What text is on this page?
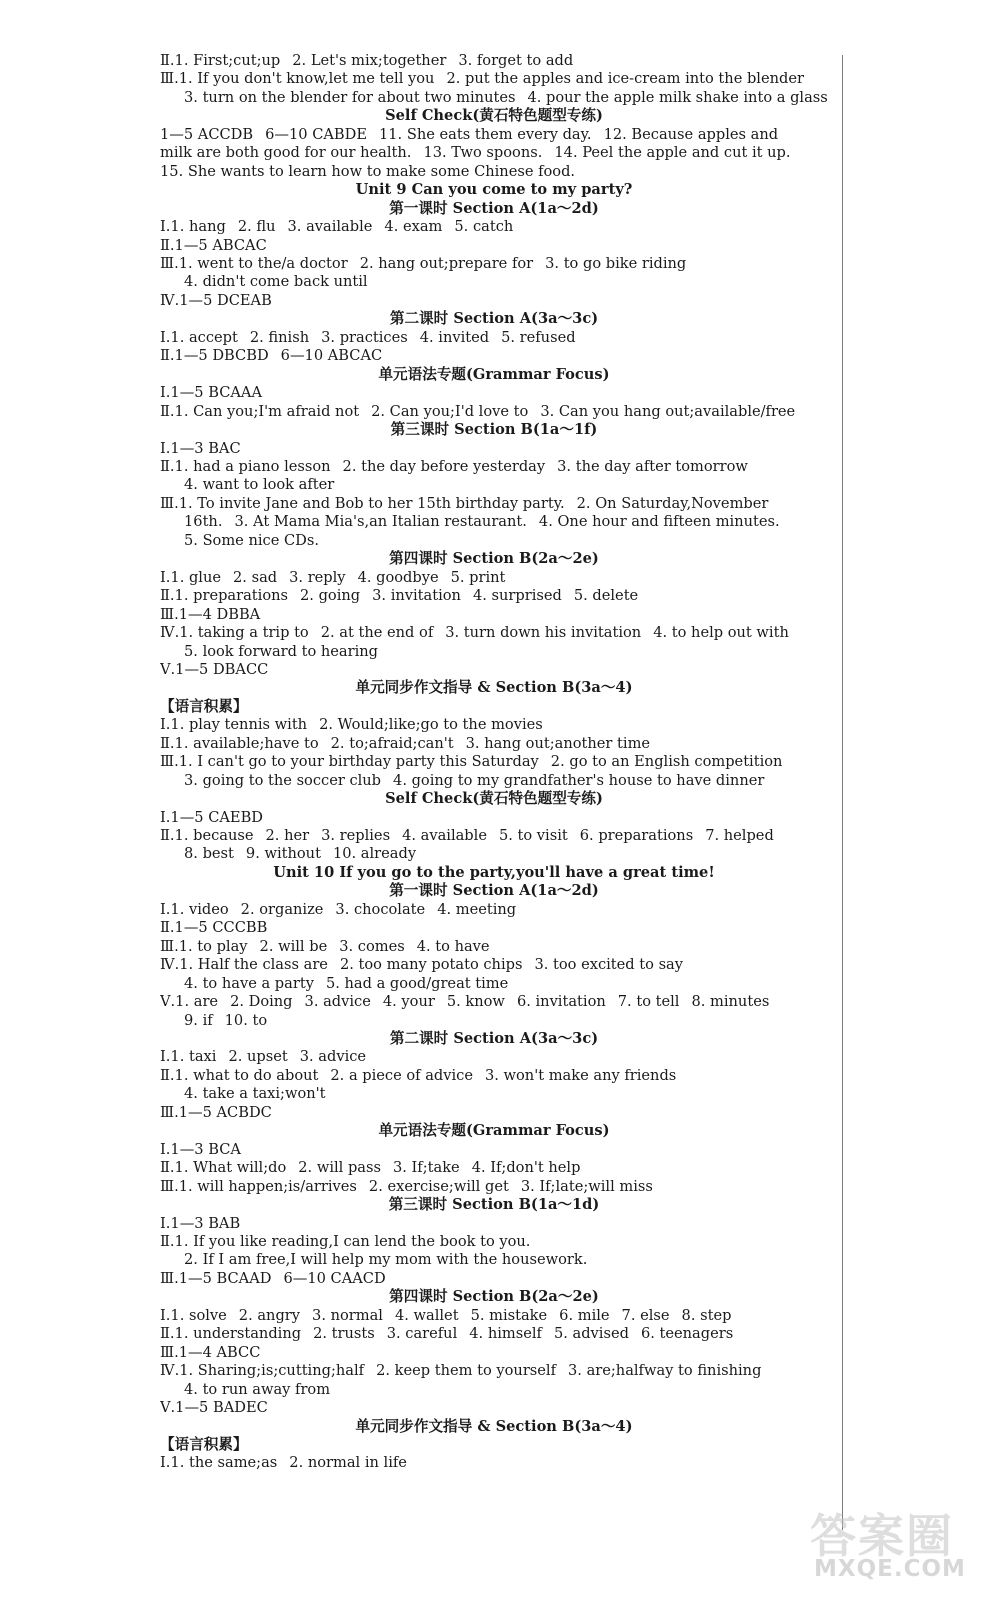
Ⅱ.1. First;cut;up 2. Let's mix;together 3. forget to add
Ⅲ.1. If you don't know,let me tell you 2. put the apples and ice-cream into the blender
3. turn on the blender for about two minutes 4. pour the apple milk shake into a glass
Self Check(黄石特色题型专练)
1—5 ACCDB 6—10 CABDE 11. She eats them every day. 12. Because apples and
milk are both good for our health. 13. Two spoons. 14. Peel the apple and cut it up.
15. She wants to learn how to make some Chinese food.
Unit 9 Can you come to my party?
第一课时 Section A(1a～2d)
Ⅰ.1. hang 2. flu 3. available 4. exam 5. catch
Ⅱ.1—5 ABCAC
Ⅲ.1. went to the/a doctor 2. hang out;prepare for 3. to go bike riding
4. didn't come back until
Ⅳ.1—5 DCEAB
第二课时 Section A(3a～3c)
Ⅰ.1. accept 2. finish 3. practices 4. invited 5. refused
Ⅱ.1—5 DBCBD 6—10 ABCAC
单元语法专题(Grammar Focus)
Ⅰ.1—5 BCAAA
Ⅱ.1. Can you;I'm afraid not 2. Can you;I'd love to 3. Can you hang out;available/free
第三课时 Section B(1a～1f)
Ⅰ.1—3 BAC
Ⅱ.1. had a piano lesson 2. the day before yesterday 3. the day after tomorrow
4. want to look after
Ⅲ.1. To invite Jane and Bob to her 15th birthday party. 2. On Saturday,November
16th. 3. At Mama Mia's,an Italian restaurant. 4. One hour and fifteen minutes.
5. Some nice CDs.
第四课时 Section B(2a～2e)
Ⅰ.1. glue 2. sad 3. reply 4. goodbye 5. print
Ⅱ.1. preparations 2. going 3. invitation 4. surprised 5. delete
Ⅲ.1—4 DBBA
Ⅳ.1. taking a trip to 2. at the end of 3. turn down his invitation 4. to help out with
5. look forward to hearing
Ⅴ.1—5 DBACC
单元同步作文指导 & Section B(3a～4)
【语言积累】
Ⅰ.1. play tennis with 2. Would;like;go to the movies
Ⅱ.1. available;have to 2. to;afraid;can't 3. hang out;another time
Ⅲ.1. I can't go to your birthday party this Saturday 2. go to an English competition
3. going to the soccer club 4. going to my grandfather's house to have dinner
Self Check(黄石特色题型专练)
Ⅰ.1—5 CAEBD
Ⅱ.1. because 2. her 3. replies 4. available 5. to visit 6. preparations 7. helped
8. best 9. without 10. already
Unit 10 If you go to the party,you'll have a great time!
第一课时 Section A(1a～2d)
Ⅰ.1. video 2. organize 3. chocolate 4. meeting
Ⅱ.1—5 CCCBB
Ⅲ.1. to play 2. will be 3. comes 4. to have
Ⅳ.1. Half the class are 2. too many potato chips 3. too excited to say
4. to have a party 5. had a good/great time
Ⅴ.1. are 2. Doing 3. advice 4. your 5. know 6. invitation 7. to tell 8. minutes
9. if 10. to
第二课时 Section A(3a～3c)
Ⅰ.1. taxi 2. upset 3. advice
Ⅱ.1. what to do about 2. a piece of advice 3. won't make any friends
4. take a taxi;won't
Ⅲ.1—5 ACBDC
单元语法专题(Grammar Focus)
Ⅰ.1—3 BCA
Ⅱ.1. What will;do 2. will pass 3. If;take 4. If;don't help
Ⅲ.1. will happen;is/arrives 2. exercise;will get 3. If;late;will miss
第三课时 Section B(1a～1d)
Ⅰ.1—3 BAB
Ⅱ.1. If you like reading,I can lend the book to you.
2. If I am free,I will help my mom with the housework.
Ⅲ.1—5 BCAAD 6—10 CAACD
第四课时 Section B(2a～2e)
Ⅰ.1. solve 2. angry 3. normal 4. wallet 5. mistake 6. mile 7. else 8. step
Ⅱ.1. understanding 2. trusts 3. careful 4. himself 5. advised 6. teenagers
Ⅲ.1—4 ABCC
Ⅳ.1. Sharing;is;cutting;half 2. keep them to yourself 3. are;halfway to finishing
4. to run away from
Ⅴ.1—5 BADEC
单元同步作文指导 & Section B(3a～4)
【语言积累】
Ⅰ.1. the same;as 2. normal in life
答案圈
MXQE.COM
